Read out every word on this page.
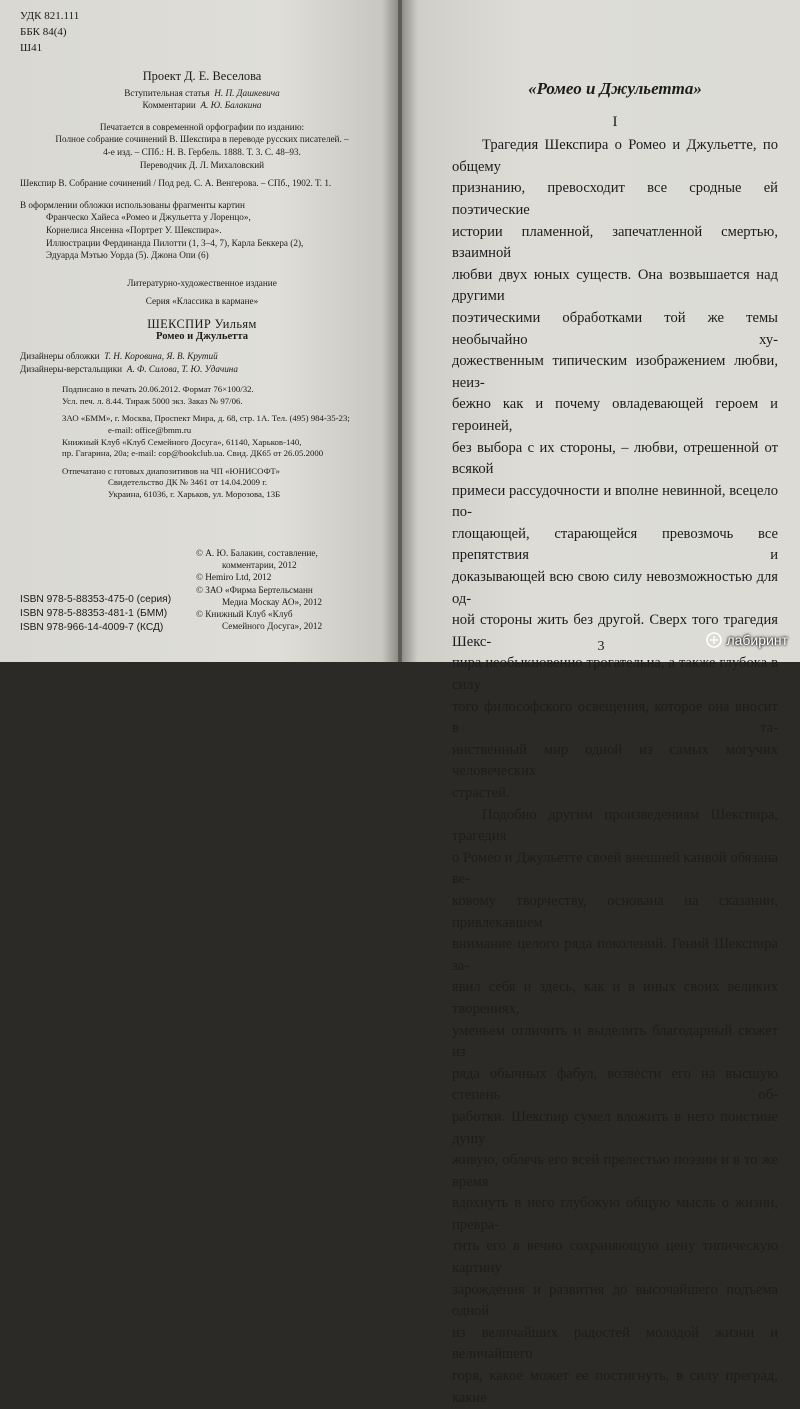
УДК 821.111
ББК 84(4)
Ш41
Проект Д. Е. Веселова
Вступительная статья Н. П. Дашкевича
Комментарии А. Ю. Балакина
Печатается в современной орфографии по изданию:
Полное собрание сочинений В. Шекспира в переводе русских писателей. –
4-е изд. – СПб.: Н. В. Гербель. 1888. Т. 3. С. 48–93.
Переводчик Д. Л. Михаловский
Шекспир В. Собрание сочинений / Под ред. С. А. Венгерова. – СПб., 1902. Т. 1.
В оформлении обложки использованы фрагменты картин
Франческо Хайеса «Ромео и Джульетта у Лоренцо»,
Корнелиса Янсенна «Портрет У. Шекспира».
Иллюстрации Фердинанда Пилотти (1, 3–4, 7), Карла Беккера (2),
Эдуарда Мэтью Уорда (5). Джона Опи (6)
Литературно-художественное издание
Серия «Классика в кармане»
ШЕКСПИР Уильям
Ромео и Джульетта
Дизайнеры обложки Т. Н. Коровина, Я. В. Крутий
Дизайнеры-верстальщики А. Ф. Силова, Т. Ю. Удачина
Подписано в печать 20.06.2012. Формат 76×100/32.
Усл. печ. л. 8.44. Тираж 5000 экз. Заказ № 97/06.
ЗАО «БММ», г. Москва, Проспект Мира, д. 68, стр. 1А. Тел. (495) 984-35-23;
e-mail: office@bmm.ru
Книжный Клуб «Клуб Семейного Досуга», 61140, Харьков-140,
пр. Гагарина, 20а; e-mail: cop@bookclub.ua. Свид. ДК65 от 26.05.2000
Отпечатано с готовых диапозитивов на ЧП «ЮНИСОФТ»
Свидетельство ДК № 3461 от 14.04.2009 г.
Украина, 61036, г. Харьков, ул. Морозова, 13Б
© А. Ю. Балакин, составление,
комментарии, 2012
© Hemiro Ltd, 2012
© ЗАО «Фирма Бертельсманн
Медиа Москау АО», 2012
© Книжный Клуб «Клуб
Семейного Досуга», 2012
ISBN 978-5-88353-475-0 (серия)
ISBN 978-5-88353-481-1 (БММ)
ISBN 978-966-14-4009-7 (КСД)
«Ромео и Джульетта»
I
Трагедия Шекспира о Ромео и Джульетте, по общему
признанию, превосходит все сродные ей поэтические
истории пламенной, запечатленной смертью, взаимной
любви двух юных существ. Она возвышается над другими
поэтическими обработками той же темы необычайно ху-
дожественным типическим изображением любви, неиз-
бежно как и почему овладевающей героем и героиней,
без выбора с их стороны, – любви, отрешенной от всякой
примеси рассудочности и вполне невинной, всецело по-
глощающей, старающейся превозмочь все препятствия и
доказывающей всю свою силу невозможностью для од-
ной стороны жить без другой. Сверх того трагедия Шекс-
пира необыкновенно трогательна, а также глубока в силу
того философского освещения, которое она вносит в та-
инственный мир одной из самых могучих человеческих
страстей.
Подобно другим произведениям Шекспира, трагедия
о Ромео и Джульетте своей внешней канвой обязана ве-
ковому творчеству, основана на сказании, привлекавшем
внимание целого ряда поколений. Гений Шекспира за-
явил себя и здесь, как и в иных своих великих творениях,
уменьем отличить и выделить благодарный сюжет из
ряда обычных фабул, возвести его на высшую степень об-
работки. Шекспир сумел вложить в него поистине душу
живую, облечь его всей прелестью поэзии и в то же время
вдохнуть в него глубокую общую мысль о жизни, превра-
тить его в вечно сохраняющую цену типическую картину
зарождения и развития до высочайшего подъема одной
из величайших радостей молодой жизни и величайшего
горя, какое может ее постигнуть, в силу преград, какие
3	лабиринт
